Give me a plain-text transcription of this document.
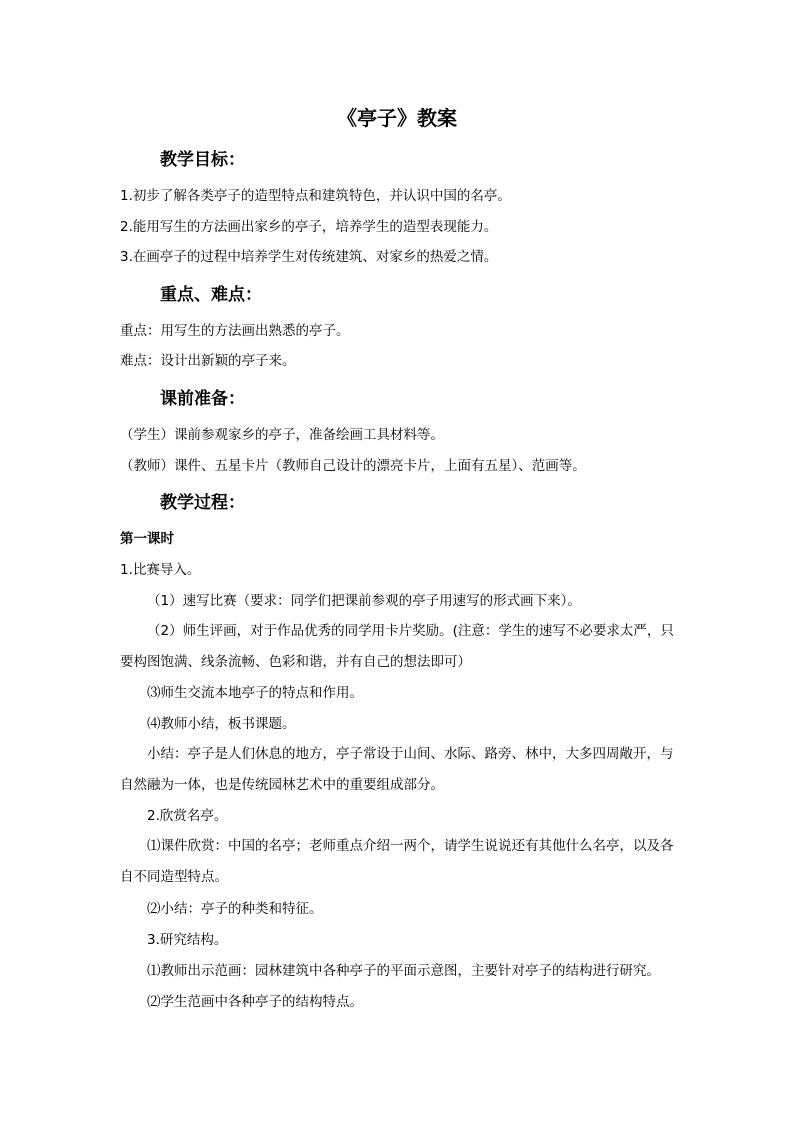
《亭子》教案
教学目标：
1.初步了解各类亭子的造型特点和建筑特色，并认识中国的名亭。
2.能用写生的方法画出家乡的亭子，培养学生的造型表现能力。
3.在画亭子的过程中培养学生对传统建筑、对家乡的热爱之情。
重点、难点：
重点：用写生的方法画出熟悉的亭子。
难点：设计出新颖的亭子来。
课前准备：
（学生）课前参观家乡的亭子，准备绘画工具材料等。
（教师）课件、五星卡片（教师自己设计的漂亮卡片，上面有五星）、范画等。
教学过程：
第一课时
1.比赛导入。
（1）速写比赛（要求：同学们把课前参观的亭子用速写的形式画下来）。
（2）师生评画，对于作品优秀的同学用卡片奖励。(注意：学生的速写不必要求太严，只要构图饱满、线条流畅、色彩和谐，并有自己的想法即可）
⑶师生交流本地亭子的特点和作用。
⑷教师小结，板书课题。
小结：亭子是人们休息的地方，亭子常设于山间、水际、路旁、林中，大多四周敞开，与自然融为一体，也是传统园林艺术中的重要组成部分。
2.欣赏名亭。
⑴课件欣赏：中国的名亭；老师重点介绍一两个，请学生说说还有其他什么名亭，以及各自不同造型特点。
⑵小结：亭子的种类和特征。
3.研究结构。
⑴教师出示范画：园林建筑中各种亭子的平面示意图，主要针对亭子的结构进行研究。
⑵学生范画中各种亭子的结构特点。
